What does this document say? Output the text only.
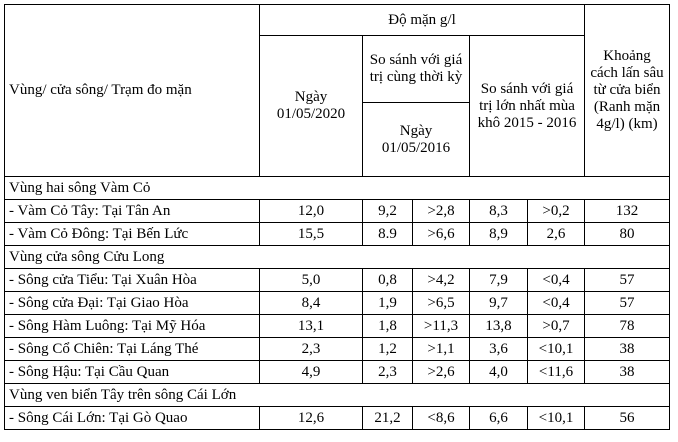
Vùng/ cửa sông/ Trạm đo mặn	Độ mặn g/l					Khoảng cách lấn sâu từ cửa biển (Ranh mặn 4g/l) (km)
	Ngày 01/05/2020	So sánh với giá trị cùng thời kỳ		So sánh với giá trị lớn nhất mùa khô 2015 - 2016		
		Ngày 01/05/2016				
Vùng hai sông Vàm Cỏ						
- Vàm Cỏ Tây: Tại Tân An	12,0	9,2	>2,8	8,3	>0,2	132
- Vàm Cỏ Đông: Tại Bến Lức	15,5	8.9	>6,6	8,9	2,6	80
Vùng cửa sông Cửu Long						
- Sông cửa Tiểu: Tại Xuân Hòa	5,0	0,8	>4,2	7,9	<0,4	57
- Sông cửa Đại: Tại Giao Hòa	8,4	1,9	>6,5	9,7	<0,4	57
- Sông Hàm Luông: Tại Mỹ Hóa	13,1	1,8	>11,3	13,8	>0,7	78
- Sông Cổ Chiên: Tại Láng Thé	2,3	1,2	>1,1	3,6	<10,1	38
- Sông Hậu: Tại Cầu Quan	4,9	2,3	>2,6	4,0	<11,6	38
Vùng ven biển Tây trên sông Cái Lớn						
- Sông Cái Lớn: Tại Gò Quao	12,6	21,2	<8,6	6,6	<10,1	56
